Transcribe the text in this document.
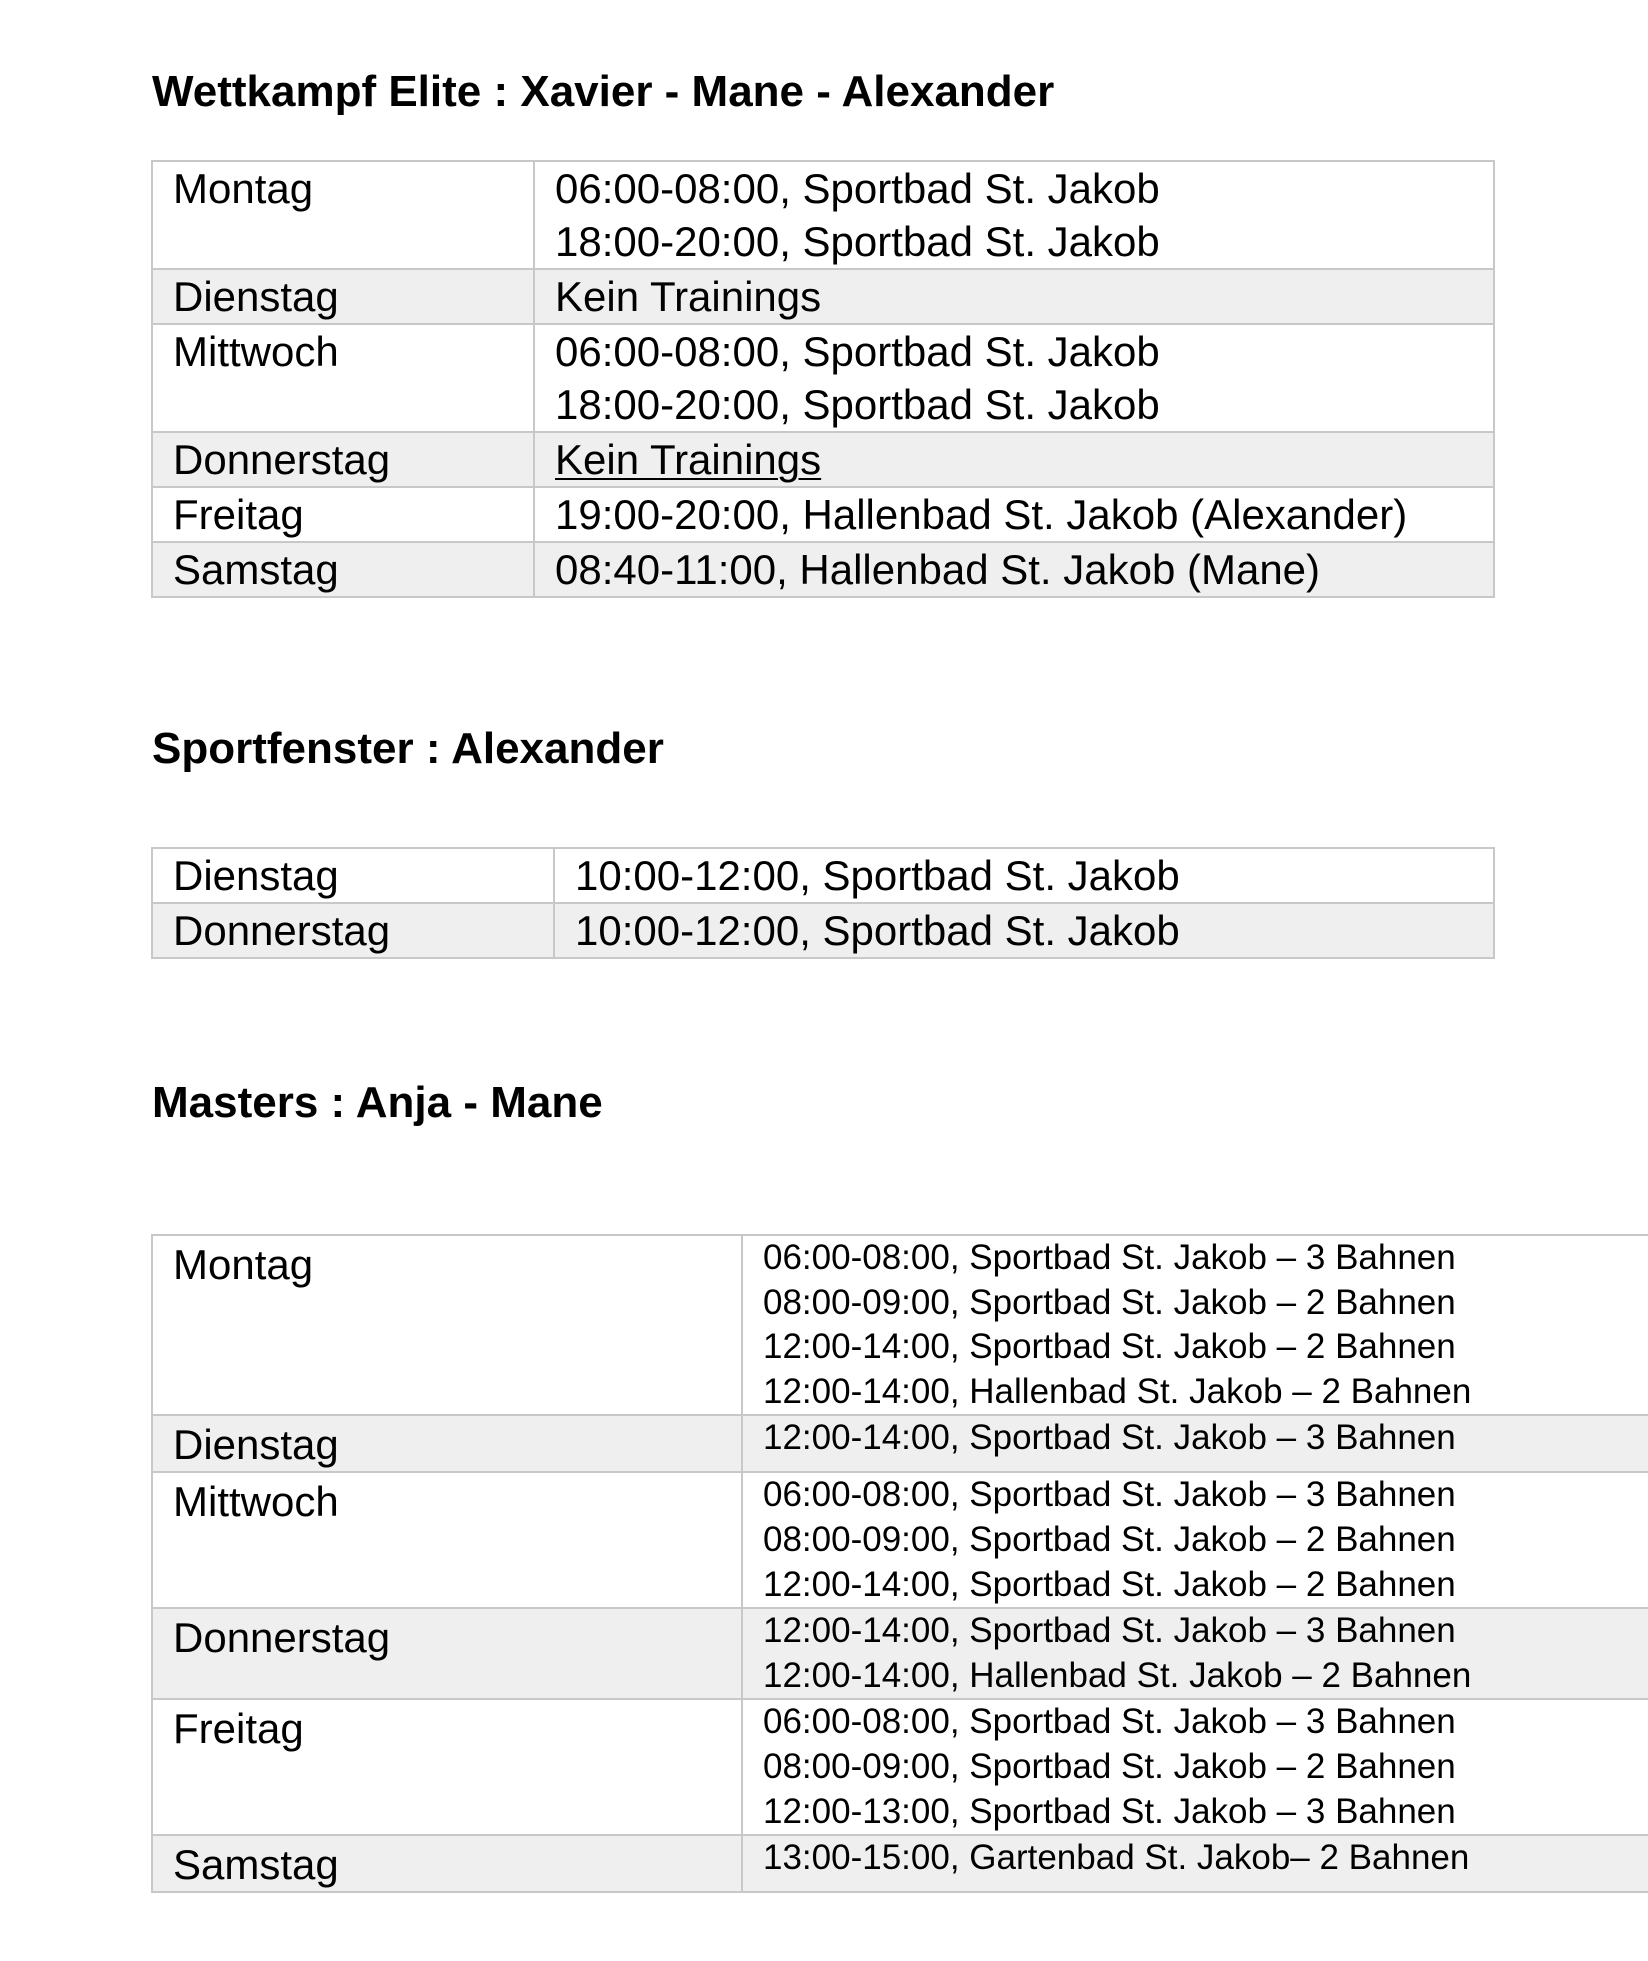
Wettkampf Elite : Xavier - Mane - Alexander
Montag	06:00-08:00, Sportbad St. Jakob
18:00-20:00, Sportbad St. Jakob

Dienstag	Kein Trainings

Mittwoch	06:00-08:00, Sportbad St. Jakob
18:00-20:00, Sportbad St. Jakob

Donnerstag	Kein Trainings

Freitag	19:00-20:00, Hallenbad St. Jakob (Alexander)

Samstag	08:40-11:00, Hallenbad St. Jakob (Mane)
Sportfenster : Alexander
Dienstag	10:00-12:00, Sportbad St. Jakob

Donnerstag	10:00-12:00, Sportbad St. Jakob
Masters : Anja - Mane
Montag	06:00-08:00, Sportbad St. Jakob – 3 Bahnen
08:00-09:00, Sportbad St. Jakob – 2 Bahnen
12:00-14:00, Sportbad St. Jakob – 2 Bahnen
12:00-14:00, Hallenbad St. Jakob – 2 Bahnen

Dienstag	12:00-14:00, Sportbad St. Jakob – 3 Bahnen

Mittwoch	06:00-08:00, Sportbad St. Jakob – 3 Bahnen
08:00-09:00, Sportbad St. Jakob – 2 Bahnen
12:00-14:00, Sportbad St. Jakob – 2 Bahnen

Donnerstag	12:00-14:00, Sportbad St. Jakob – 3 Bahnen
12:00-14:00, Hallenbad St. Jakob – 2 Bahnen

Freitag	06:00-08:00, Sportbad St. Jakob – 3 Bahnen
08:00-09:00, Sportbad St. Jakob – 2 Bahnen
12:00-13:00, Sportbad St. Jakob – 3 Bahnen

Samstag	13:00-15:00, Gartenbad St. Jakob– 2 Bahnen
